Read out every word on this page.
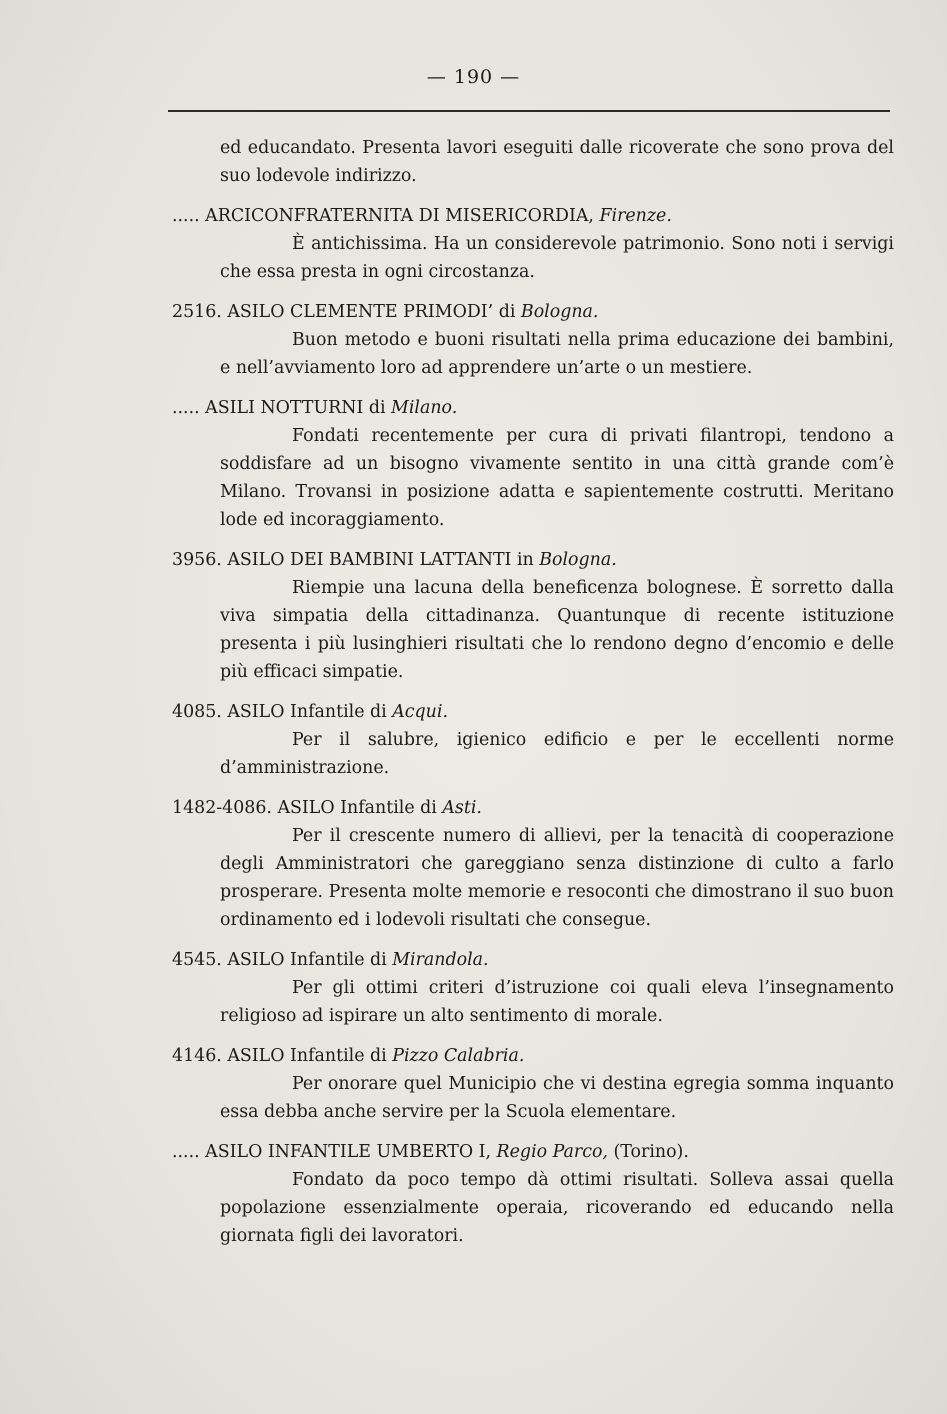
— 190 —

ed educandato. Presenta lavori eseguiti dalle ricoverate che sono prova del suo lodevole indirizzo.

..... ARCICONFRATERNITA DI MISERICORDIA, Firenze.

È antichissima. Ha un considerevole patrimonio. Sono noti i servigi che essa presta in ogni circostanza.

2516. ASILO CLEMENTE PRIMODI’ di Bologna.

Buon metodo e buoni risultati nella prima educazione dei bambini, e nell’avviamento loro ad apprendere un’arte o un mestiere.

..... ASILI NOTTURNI di Milano.

Fondati recentemente per cura di privati filantropi, tendono a soddisfare ad un bisogno vivamente sentito in una città grande com’è Milano. Trovansi in posizione adatta e sapientemente costrutti. Meritano lode ed incoraggiamento.

3956. ASILO DEI BAMBINI LATTANTI in Bologna.

Riempie una lacuna della beneficenza bolognese. È sorretto dalla viva simpatia della cittadinanza. Quantunque di recente istituzione presenta i più lusinghieri risultati che lo rendono degno d’encomio e delle più efficaci simpatie.

4085. ASILO Infantile di Acqui.

Per il salubre, igienico edificio e per le eccellenti norme d’amministrazione.

1482-4086. ASILO Infantile di Asti.

Per il crescente numero di allievi, per la tenacità di cooperazione degli Amministratori che gareggiano senza distinzione di culto a farlo prosperare. Presenta molte memorie e resoconti che dimostrano il suo buon ordinamento ed i lodevoli risultati che consegue.

4545. ASILO Infantile di Mirandola.

Per gli ottimi criteri d’istruzione coi quali eleva l’insegnamento religioso ad ispirare un alto sentimento di morale.

4146. ASILO Infantile di Pizzo Calabria.

Per onorare quel Municipio che vi destina egregia somma inquanto essa debba anche servire per la Scuola elementare.

..... ASILO INFANTILE UMBERTO I, Regio Parco, (Torino).

Fondato da poco tempo dà ottimi risultati. Solleva assai quella popolazione essenzialmente operaia, ricoverando ed educando nella giornata figli dei lavoratori.
